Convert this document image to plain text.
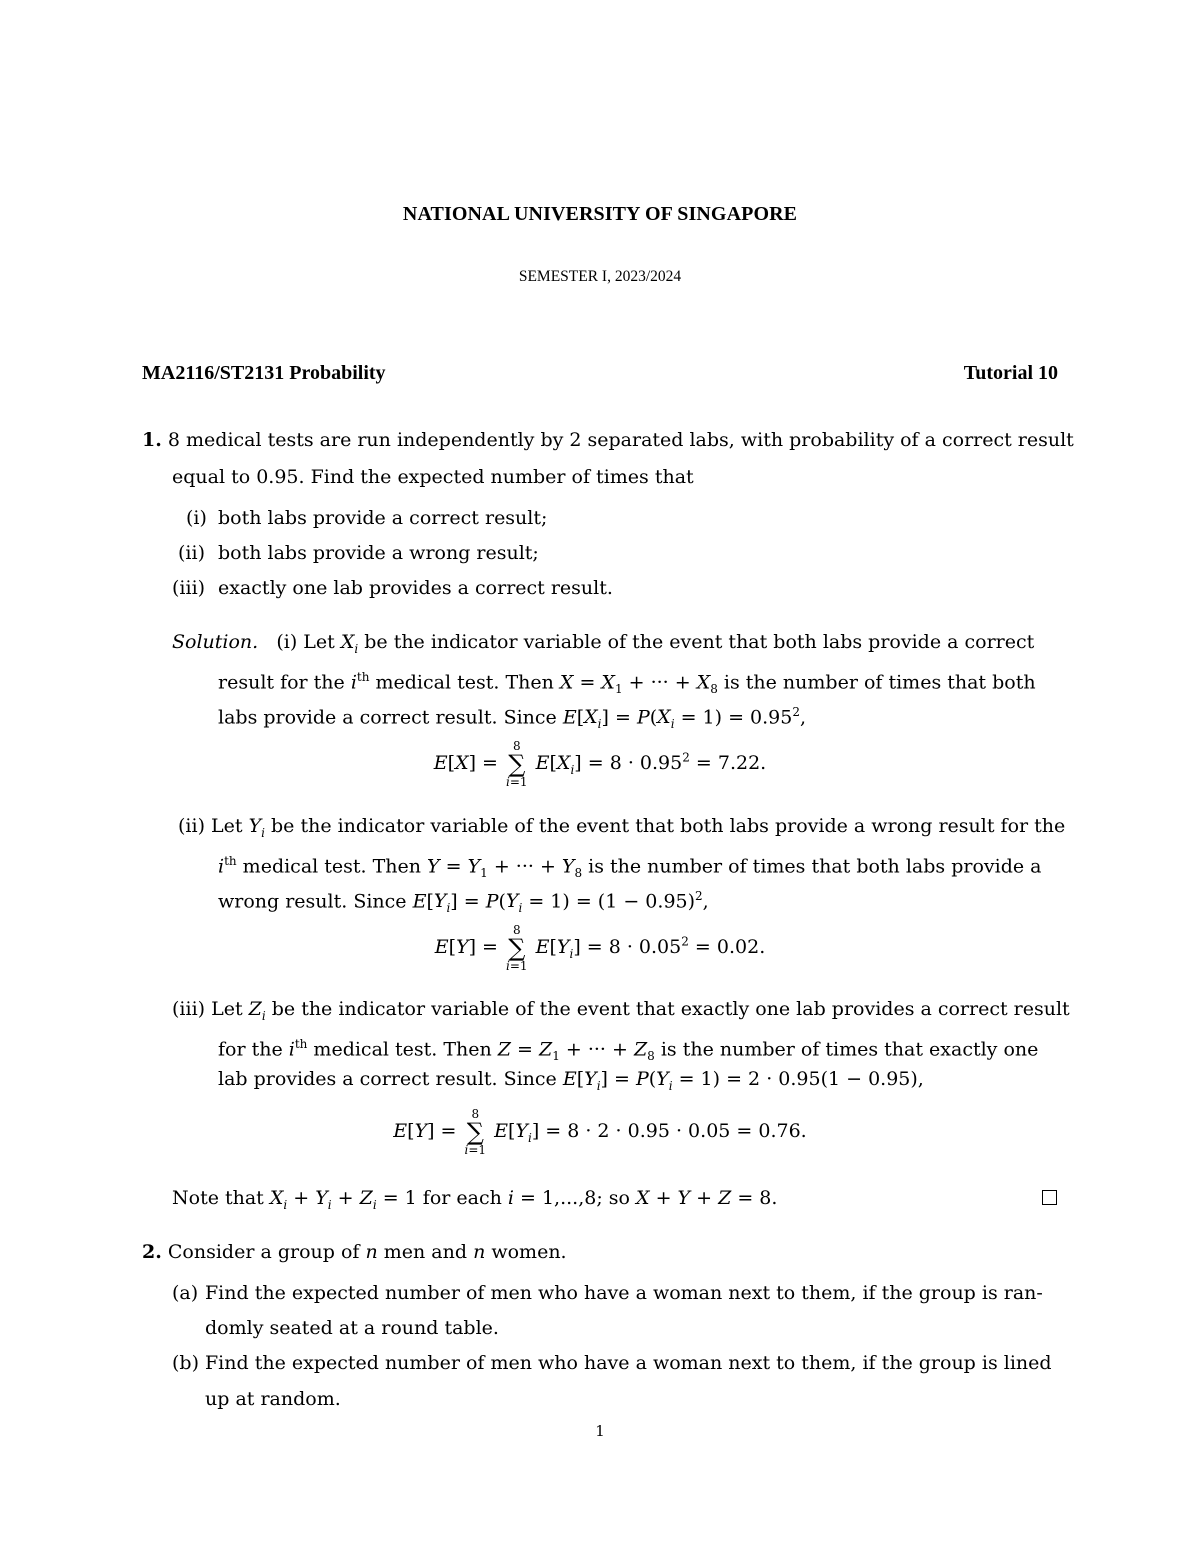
NATIONAL UNIVERSITY OF SINGAPORE
SEMESTER I, 2023/2024
MA2116/ST2131 Probability	Tutorial 10
1. 8 medical tests are run independently by 2 separated labs, with probability of a correct result
equal to 0.95. Find the expected number of times that
(i) both labs provide a correct result;
(ii) both labs provide a wrong result;
(iii) exactly one lab provides a correct result.
Solution. (i) Let $X_i$ be the indicator variable of the event that both labs provide a correct
result for the $i^{th}$ medical test. Then $X = X_1$ + ··· + $X_8$ is the number of times that both
labs provide a correct result. Since $E[X_i] = P(X_i = 1) = 0.95^2$,
E[X] =
8
∑
i=1
$E[X_i] = 8 \cdot 0.95^2 = 7.22$.
(ii) Let $Y_i$ be the indicator variable of the event that both labs provide a wrong result for the
$i^{th}$ medical test. Then $Y = Y_1$ + ··· + $Y_8$ is the number of times that both labs provide a
wrong result. Since $E[Y_i] = P(Y_i = 1) = (1 - 0.95)^2$,
E[Y] =
8
∑
i=1
$E[Y_i] = 8 \cdot 0.05^2 = 0.02$.
(iii) Let $Z_i$ be the indicator variable of the event that exactly one lab provides a correct result
for the $i^{th}$ medical test. Then $Z = Z_1$ + ··· + $Z_8$ is the number of times that exactly one
lab provides a correct result. Since $E[Y_i] = P(Y_i = 1) = 2 \cdot 0.95(1 - 0.95)$,
E[Y] =
8
∑
i=1
$E[Y_i] = 8 \cdot 2 \cdot 0.95 \cdot 0.05 = 0.76$.
Note that $X_i + Y_i + Z_i = 1$ for each i = 1,...,8; so X + Y + Z = 8.
2. Consider a group of n men and n women.
(a) Find the expected number of men who have a woman next to them, if the group is ran-
domly seated at a round table.
(b) Find the expected number of men who have a woman next to them, if the group is lined
up at random.
1
